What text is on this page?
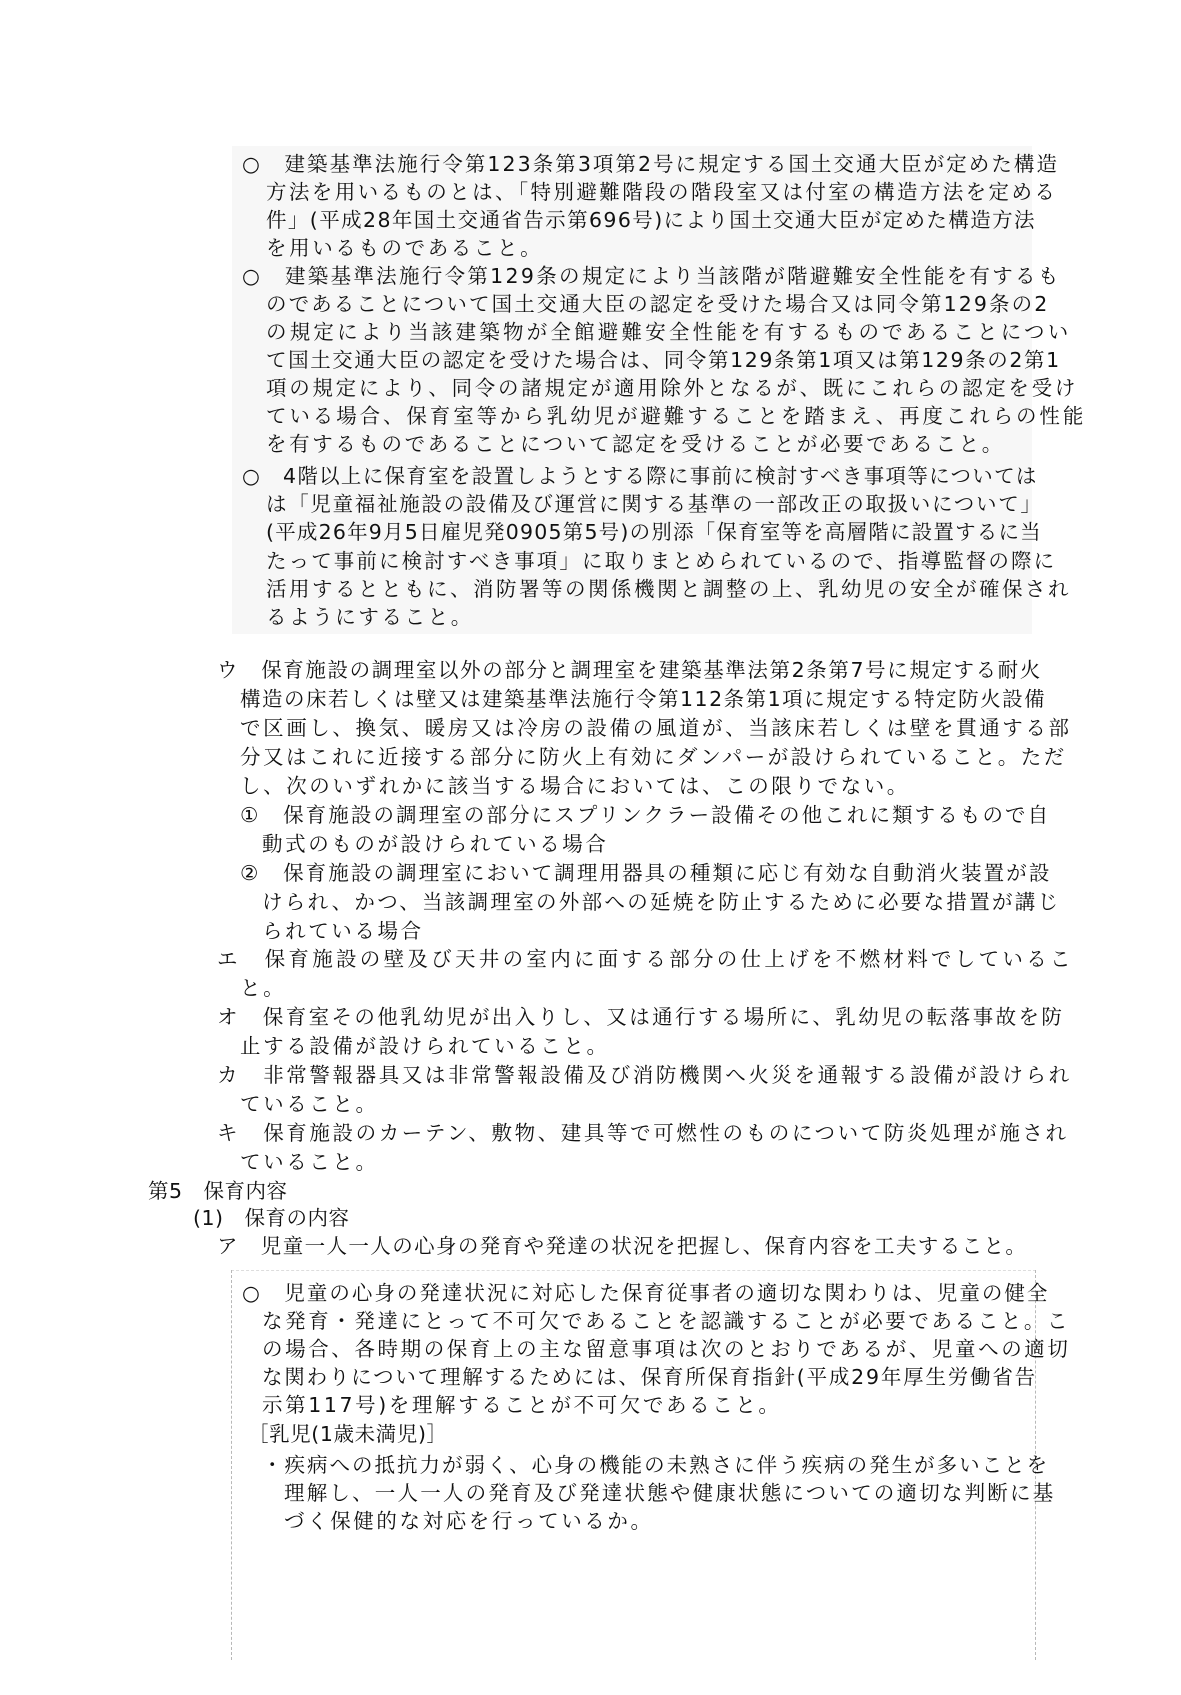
○　建築基準法施行令第123条第3項第2号に規定する国土交通大臣が定めた構造
方法を用いるものとは、「特別避難階段の階段室又は付室の構造方法を定める
件」(平成28年国土交通省告示第696号)により国土交通大臣が定めた構造方法
を用いるものであること。
○　建築基準法施行令第129条の規定により当該階が階避難安全性能を有するも
のであることについて国土交通大臣の認定を受けた場合又は同令第129条の2
の規定により当該建築物が全館避難安全性能を有するものであることについ
て国土交通大臣の認定を受けた場合は、同令第129条第1項又は第129条の2第1
項の規定により、同令の諸規定が適用除外となるが、既にこれらの認定を受け
ている場合、保育室等から乳幼児が避難することを踏まえ、再度これらの性能
を有するものであることについて認定を受けることが必要であること。
○　4階以上に保育室を設置しようとする際に事前に検討すべき事項等については
は「児童福祉施設の設備及び運営に関する基準の一部改正の取扱いについて」
(平成26年9月5日雇児発0905第5号)の別添「保育室等を高層階に設置するに当
たって事前に検討すべき事項」に取りまとめられているので、指導監督の際に
活用するとともに、消防署等の関係機関と調整の上、乳幼児の安全が確保され
るようにすること。
ウ　保育施設の調理室以外の部分と調理室を建築基準法第2条第7号に規定する耐火
構造の床若しくは壁又は建築基準法施行令第112条第1項に規定する特定防火設備
で区画し、換気、暖房又は冷房の設備の風道が、当該床若しくは壁を貫通する部
分又はこれに近接する部分に防火上有効にダンパーが設けられていること。ただ
し、次のいずれかに該当する場合においては、この限りでない。
①　保育施設の調理室の部分にスプリンクラー設備その他これに類するもので自
動式のものが設けられている場合
②　保育施設の調理室において調理用器具の種類に応じ有効な自動消火装置が設
けられ、かつ、当該調理室の外部への延焼を防止するために必要な措置が講じ
られている場合
エ　保育施設の壁及び天井の室内に面する部分の仕上げを不燃材料でしているこ
と。
オ　保育室その他乳幼児が出入りし、又は通行する場所に、乳幼児の転落事故を防
止する設備が設けられていること。
カ　非常警報器具又は非常警報設備及び消防機関へ火災を通報する設備が設けられ
ていること。
キ　保育施設のカーテン、敷物、建具等で可燃性のものについて防炎処理が施され
ていること。
第5　保育内容
(1)　保育の内容
ア　児童一人一人の心身の発育や発達の状況を把握し、保育内容を工夫すること。
○　児童の心身の発達状況に対応した保育従事者の適切な関わりは、児童の健全
な発育・発達にとって不可欠であることを認識することが必要であること。こ
の場合、各時期の保育上の主な留意事項は次のとおりであるが、児童への適切
な関わりについて理解するためには、保育所保育指針(平成29年厚生労働省告
示第117号)を理解することが不可欠であること。
［乳児(1歳未満児)］
・疾病への抵抗力が弱く、心身の機能の未熟さに伴う疾病の発生が多いことを
理解し、一人一人の発育及び発達状態や健康状態についての適切な判断に基
づく保健的な対応を行っているか。
